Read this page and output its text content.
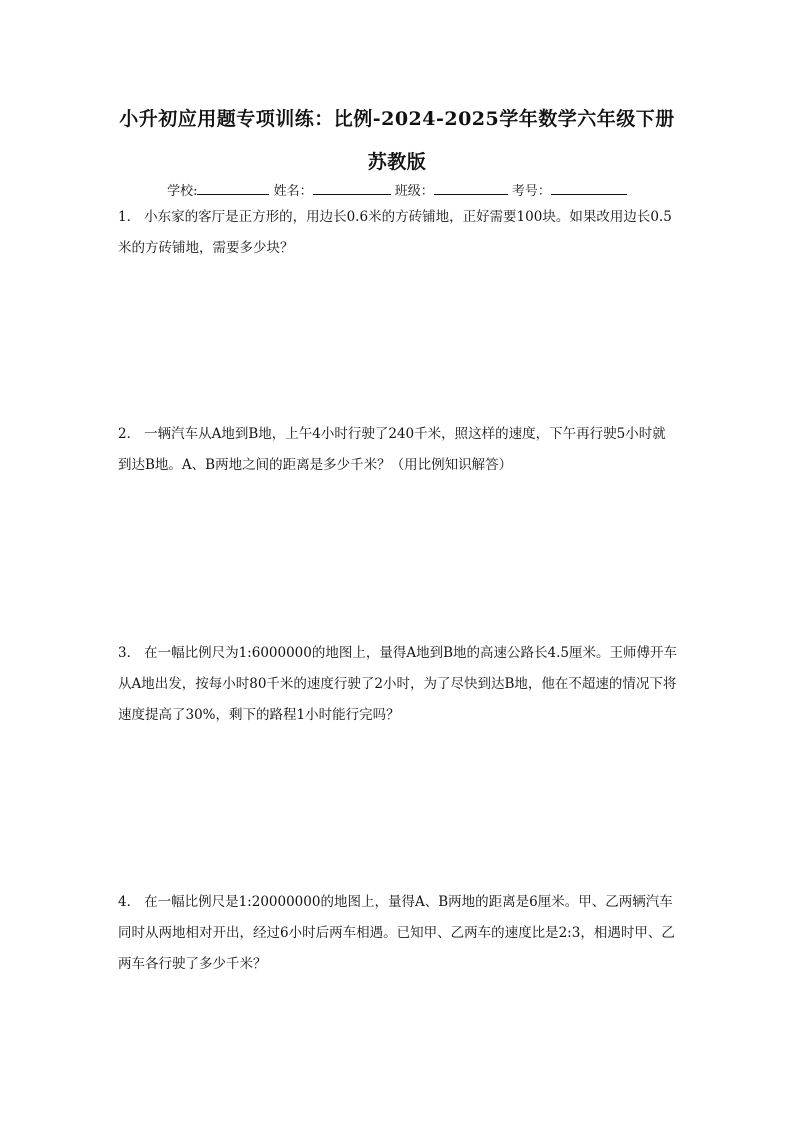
小升初应用题专项训练：比例-2024-2025学年数学六年级下册
苏教版
学校:	姓名：	班级：	考号：
1． 小东家的客厅是正方形的，用边长0.6米的方砖铺地，正好需要100块。如果改用边长0.5米的方砖铺地，需要多少块？
2． 一辆汽车从A地到B地，上午4小时行驶了240千米，照这样的速度，下午再行驶5小时就到达B地。A、B两地之间的距离是多少千米？（用比例知识解答）
3． 在一幅比例尺为1:6000000的地图上，量得A地到B地的高速公路长4.5厘米。王师傅开车从A地出发，按每小时80千米的速度行驶了2小时，为了尽快到达B地，他在不超速的情况下将速度提高了30%，剩下的路程1小时能行完吗？
4． 在一幅比例尺是1:20000000的地图上，量得A、B两地的距离是6厘米。甲、乙两辆汽车同时从两地相对开出，经过6小时后两车相遇。已知甲、乙两车的速度比是2:3，相遇时甲、乙两车各行驶了多少千米？
